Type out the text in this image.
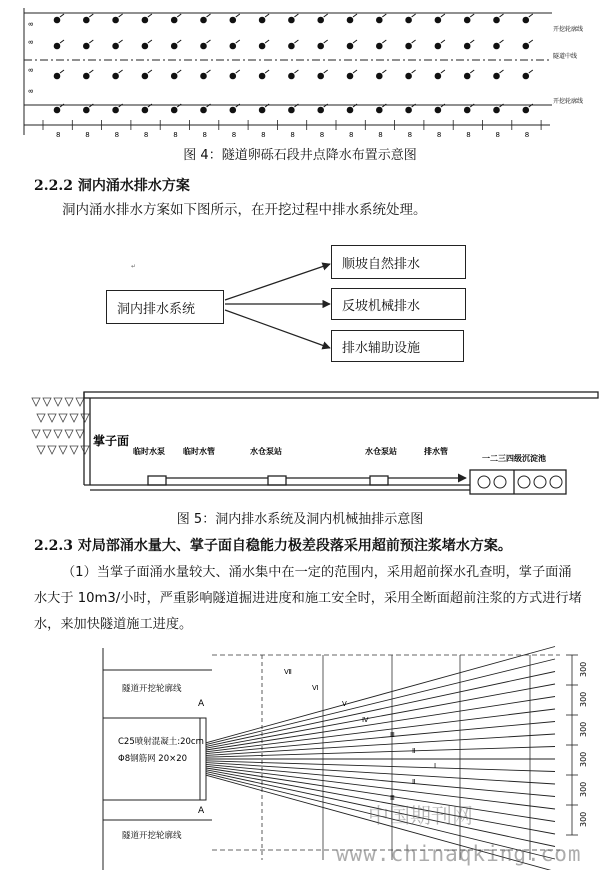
8	8	8	8	8	8	8	8	8	8	8	8	8	8	8	8	8
8
8
8
8
开挖轮廓线
隧道中线
开挖轮廓线
图 4：隧道卵砾石段井点降水布置示意图
2.2.2 洞内涌水排水方案
洞内涌水排水方案如下图所示，在开挖过程中排水系统处理。
↵
洞内排水系统
顺坡自然排水
反坡机械排水
排水辅助设施
掌子面
临时水泵 临时水管	水仓泵站	水仓泵站	排水管
一二三四级沉淀池
图 5：洞内排水系统及洞内机械抽排示意图
2.2.3 对局部涌水量大、掌子面自稳能力极差段落采用超前预注浆堵水方案。
（1）当掌子面涌水量较大、涌水集中在一定的范围内，采用超前探水孔查明，掌子面涌水大于 10m3/小时，严重影响隧道掘进进度和施工安全时，采用全断面超前注浆的方式进行堵水，来加快隧道施工进度。
300
300
300
300
300
300
Ⅶ
Ⅵ
Ⅴ
Ⅳ
Ⅲ
Ⅱ
Ⅰ
Ⅱ
Ⅲ
隧道开挖轮廓线
A
C25喷射混凝土:20cm
Φ8钢筋网 20×20
A
隧道开挖轮廓线
中国期刊网
www.chinaqking.com
